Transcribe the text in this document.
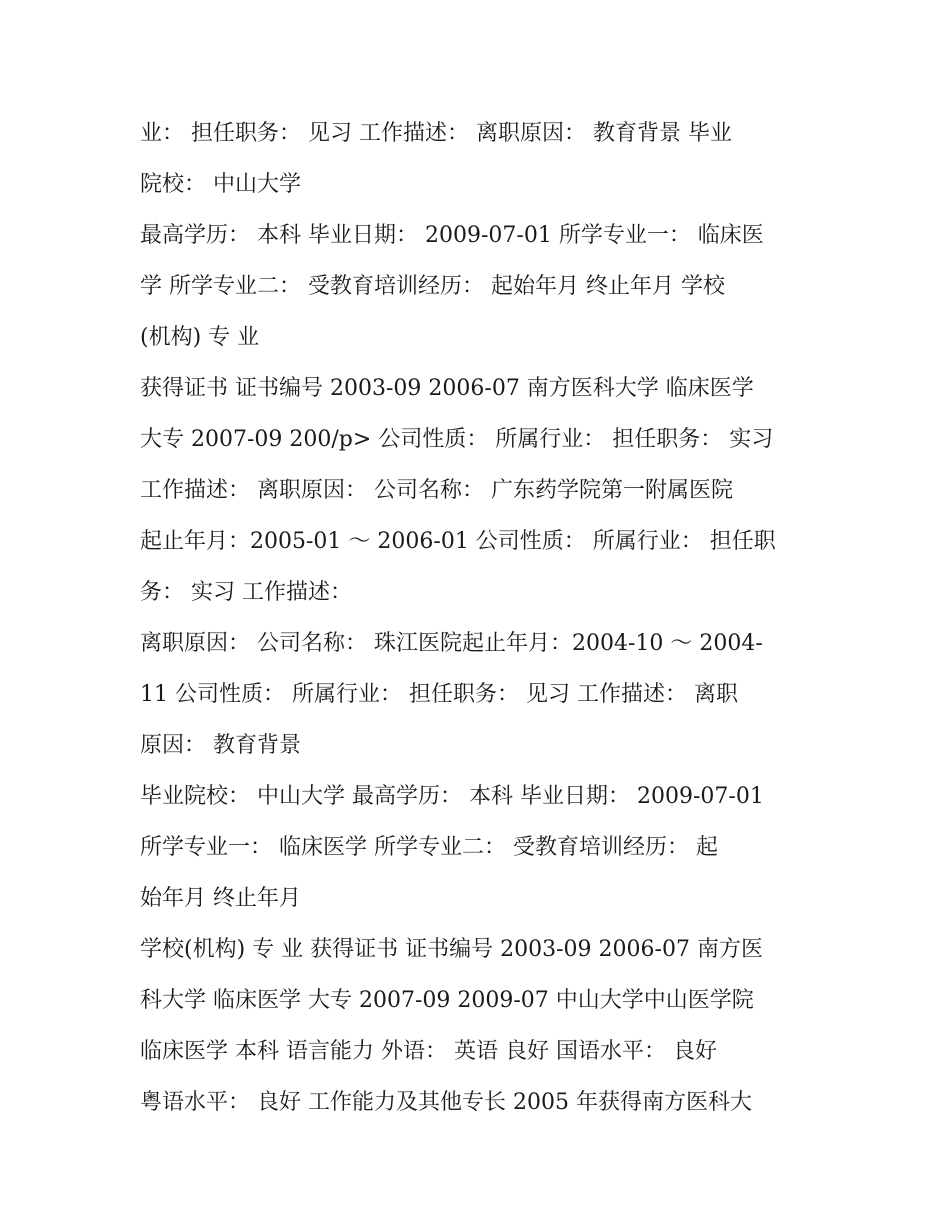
业： 担任职务： 见习 工作描述： 离职原因： 教育背景 毕业
院校： 中山大学
最高学历： 本科 毕业日期： 2009-07-01 所学专业一： 临床医
学 所学专业二： 受教育培训经历： 起始年月 终止年月 学校
(机构) 专 业
获得证书 证书编号 2003-09 2006-07 南方医科大学 临床医学
大专 2007-09 200/p> 公司性质： 所属行业： 担任职务： 实习
工作描述： 离职原因： 公司名称： 广东药学院第一附属医院
起止年月：2005-01 ～ 2006-01 公司性质： 所属行业： 担任职
务： 实习 工作描述：
离职原因： 公司名称： 珠江医院起止年月：2004-10 ～ 2004-
11 公司性质： 所属行业： 担任职务： 见习 工作描述： 离职
原因： 教育背景
毕业院校： 中山大学 最高学历： 本科 毕业日期： 2009-07-01
所学专业一： 临床医学 所学专业二： 受教育培训经历： 起
始年月 终止年月
学校(机构) 专 业 获得证书 证书编号 2003-09 2006-07 南方医
科大学 临床医学 大专 2007-09 2009-07 中山大学中山医学院
临床医学 本科 语言能力 外语： 英语 良好 国语水平： 良好
粤语水平： 良好 工作能力及其他专长 2005 年获得南方医科大
